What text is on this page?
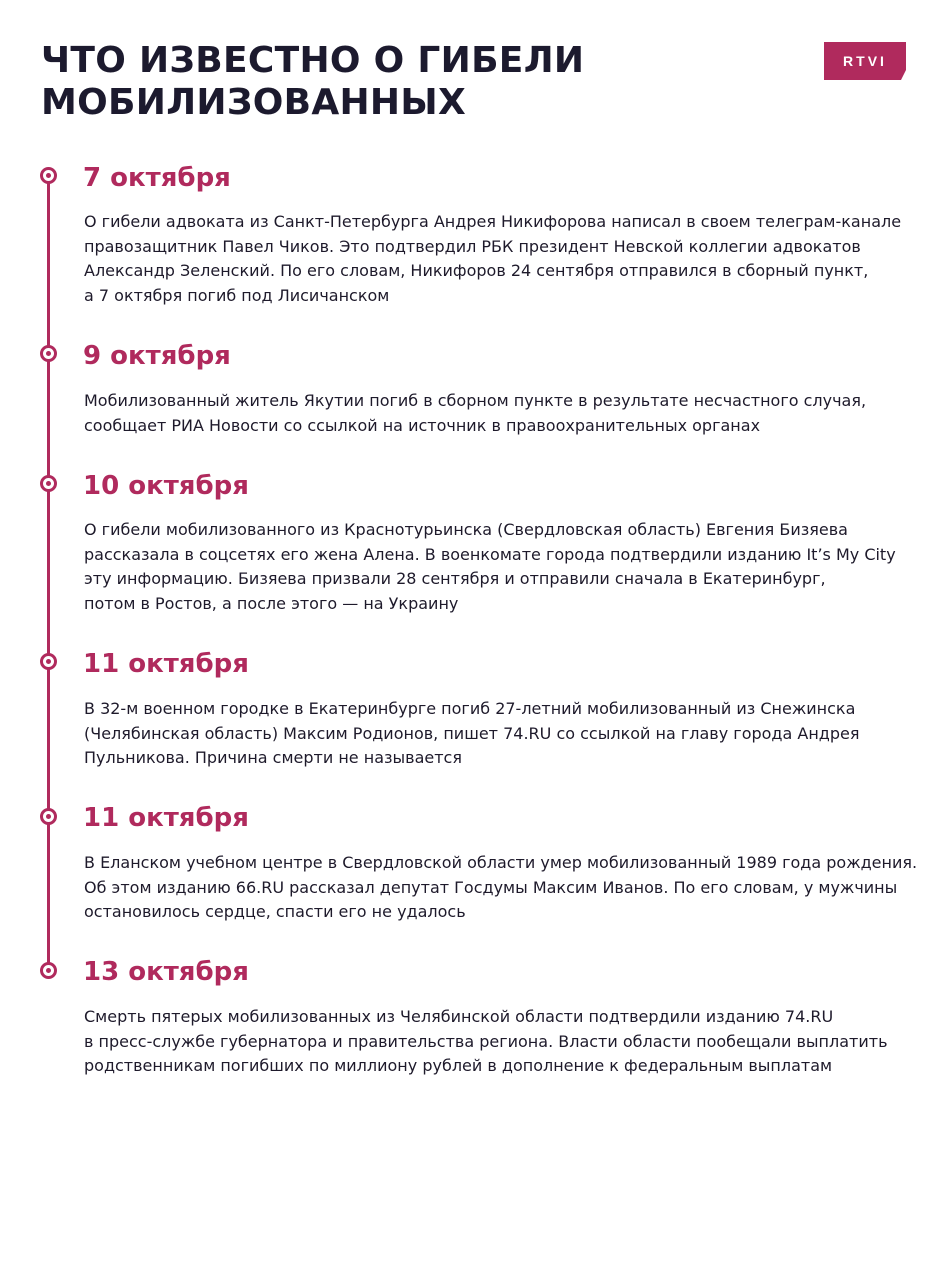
ЧТО ИЗВЕСТНО О ГИБЕЛИ
МОБИЛИЗОВАННЫХ
RTVI
7 октября
О гибели адвоката из Санкт-Петербурга Андрея Никифорова написал в своем телеграм-канале
правозащитник Павел Чиков. Это подтвердил РБК президент Невской коллегии адвокатов
Александр Зеленский. По его словам, Никифоров 24 сентября отправился в сборный пункт,
а 7 октября погиб под Лисичанском
9 октября
Мобилизованный житель Якутии погиб в сборном пункте в результате несчастного случая,
сообщает РИА Новости со ссылкой на источник в правоохранительных органах
10 октября
О гибели мобилизованного из Краснотурьинска (Свердловская область) Евгения Бизяева
рассказала в соцсетях его жена Алена. В военкомате города подтвердили изданию It’s My City
эту информацию. Бизяева призвали 28 сентября и отправили сначала в Екатеринбург,
потом в Ростов, а после этого — на Украину
11 октября
В 32-м военном городке в Екатеринбурге погиб 27-летний мобилизованный из Снежинска
(Челябинская область) Максим Родионов, пишет 74.RU со ссылкой на главу города Андрея
Пульникова. Причина смерти не называется
11 октября
В Еланском учебном центре в Свердловской области умер мобилизованный 1989 года рождения.
Об этом изданию 66.RU рассказал депутат Госдумы Максим Иванов. По его словам, у мужчины
остановилось сердце, спасти его не удалось
13 октября
Смерть пятерых мобилизованных из Челябинской области подтвердили изданию 74.RU
в пресс-службе губернатора и правительства региона. Власти области пообещали выплатить
родственникам погибших по миллиону рублей в дополнение к федеральным выплатам
